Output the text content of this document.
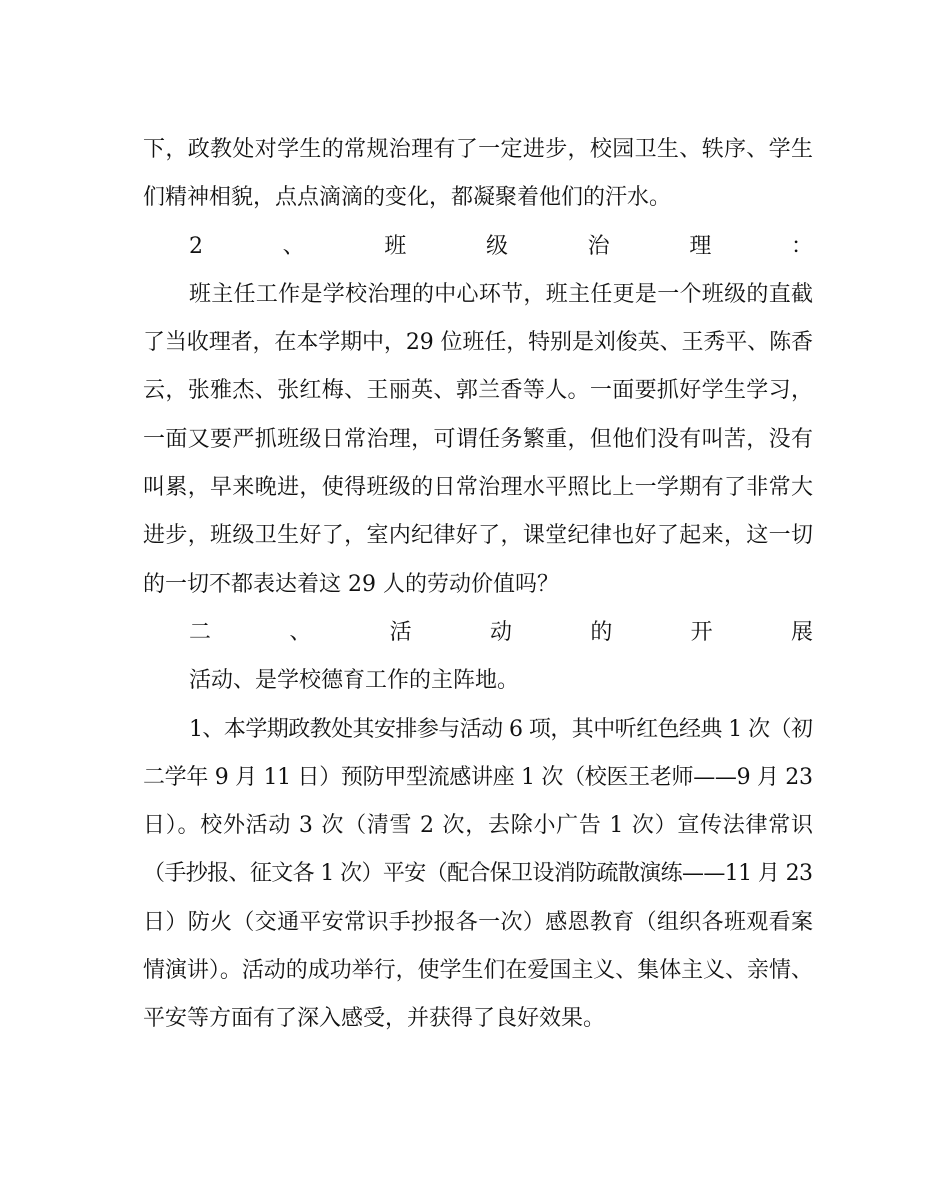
下，政教处对学生的常规治理有了一定进步，校园卫生、轶序、学生
们精神相貌，点点滴滴的变化，都凝聚着他们的汗水。
2、班级治理：
班主任工作是学校治理的中心环节，班主任更是一个班级的直截
了当收理者，在本学期中，29 位班任，特别是刘俊英、王秀平、陈香
云，张雅杰、张红梅、王丽英、郭兰香等人。一面要抓好学生学习，
一面又要严抓班级日常治理，可谓任务繁重，但他们没有叫苦，没有
叫累，早来晚进，使得班级的日常治理水平照比上一学期有了非常大
进步，班级卫生好了，室内纪律好了，课堂纪律也好了起来，这一切
的一切不都表达着这 29 人的劳动价值吗？
二、活动的开展
活动、是学校德育工作的主阵地。
1、本学期政教处其安排参与活动 6 项，其中听红色经典 1 次（初
二学年 9 月 11 日）预防甲型流感讲座 1 次（校医王老师——9 月 23
日）。校外活动 3 次（清雪 2 次，去除小广告 1 次）宣传法律常识
（手抄报、征文各 1 次）平安（配合保卫设消防疏散演练——11 月 23
日）防火（交通平安常识手抄报各一次）感恩教育（组织各班观看案
情演讲）。活动的成功举行，使学生们在爱国主义、集体主义、亲情、
平安等方面有了深入感受，并获得了良好效果。
